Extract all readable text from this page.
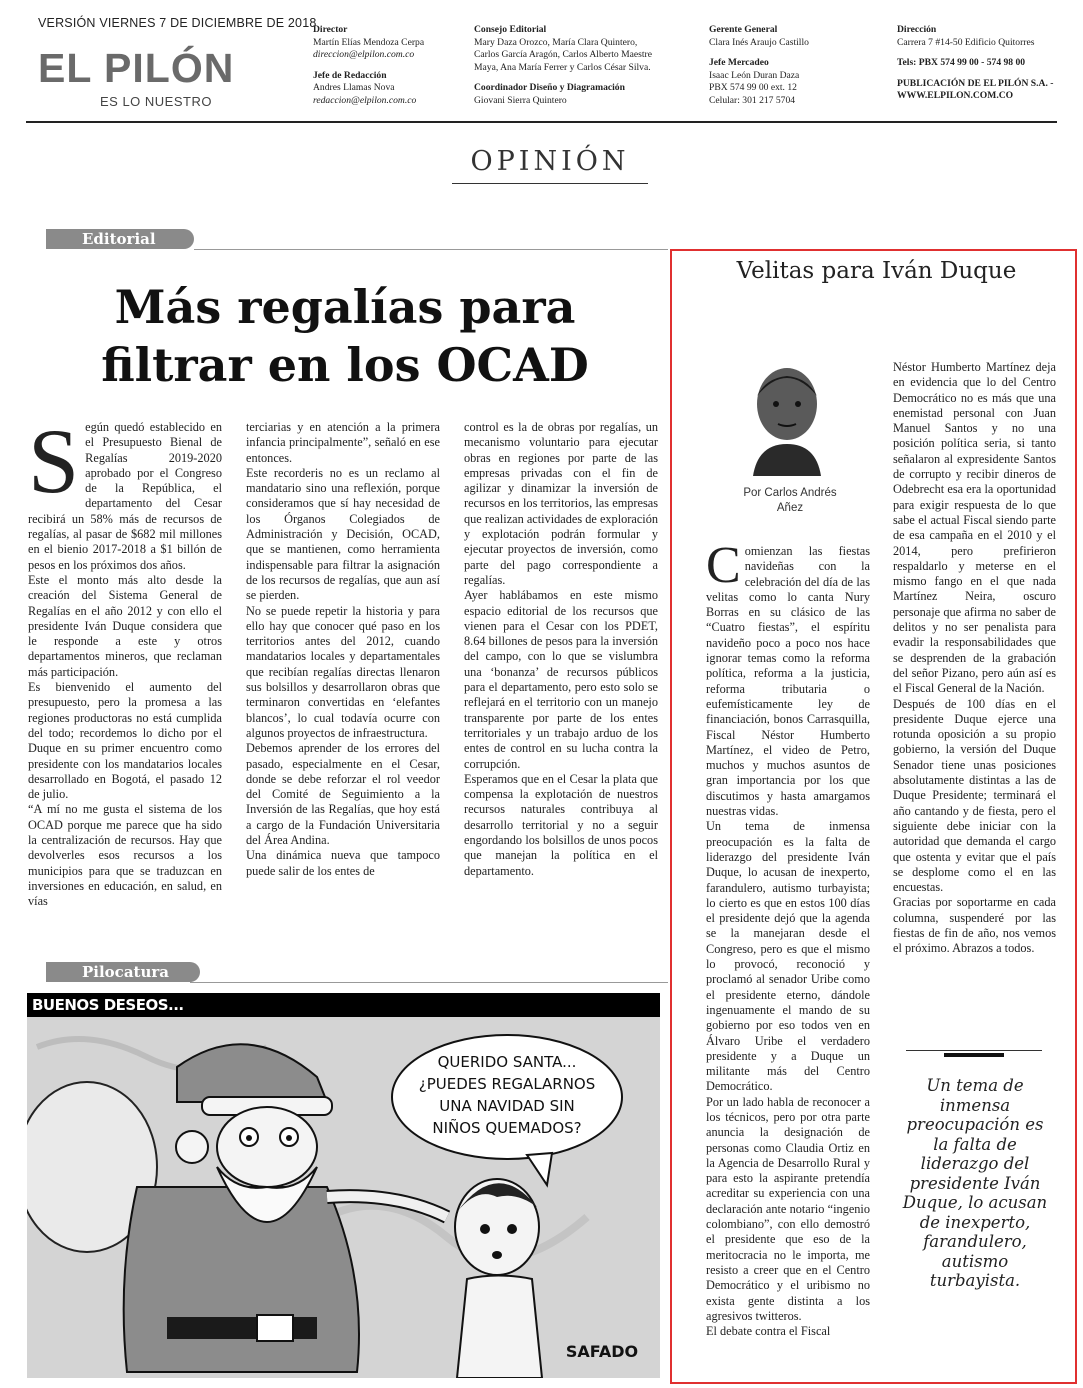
VERSIÓN VIERNES 7 DE DICIEMBRE DE 2018
EL PILÓN
ES LO NUESTRO
Director
Martín Elías Mendoza Cerpa
direccion@elpilon.com.co
Jefe de Redacción
Andres Llamas Nova
redaccion@elpilon.com.co
Consejo Editorial
Mary Daza Orozco, María Clara Quintero,
Carlos García Aragón, Carlos Alberto Maestre
Maya, Ana María Ferrer y Carlos César Silva.
Coordinador Diseño y Diagramación
Giovani Sierra Quintero
Gerente General
Clara Inés Araujo Castillo
Jefe Mercadeo
Isaac León Duran Daza
PBX 574 99 00 ext. 12
Celular: 301 217 5704
Dirección
Carrera 7 #14-50 Edificio Quitorres
Tels: PBX 574 99 00 - 574 98 00
PUBLICACIÓN DE EL PILÓN S.A. -
WWW.ELPILON.COM.CO
OPINIÓN
Editorial
Más regalías para
filtrar en los OCAD
S egún quedó establecido en el Presupuesto Bienal de Regalías 2019-2020 aprobado por el Congreso de la República, el departamento del Cesar recibirá un 58% más de recursos de regalías, al pasar de $682 mil millones en el bienio 2017-2018 a $1 billón de pesos en los próximos dos años.

Este el monto más alto desde la creación del Sistema General de Regalías en el año 2012 y con ello el presidente Iván Duque considera que le responde a este y otros departamentos mineros, que reclaman más participación.

Es bienvenido el aumento del presupuesto, pero la promesa a las regiones productoras no está cumplida del todo; recordemos lo dicho por el Duque en su primer encuentro como presidente con los mandatarios locales desarrollado en Bogotá, el pasado 12 de julio.

“A mí no me gusta el sistema de los OCAD porque me parece que ha sido la centralización de recursos. Hay que devolverles esos recursos a los municipios para que se traduzcan en inversiones en educación, en salud, en vías

terciarias y en atención a la primera infancia principalmente”, señaló en ese entonces.

Este recorderis no es un reclamo al mandatario sino una reflexión, porque consideramos que sí hay necesidad de los Órganos Colegiados de Administración y Decisión, OCAD, que se mantienen, como herramienta indispensable para filtrar la asignación de los recursos de regalías, que aun así se pierden.

No se puede repetir la historia y para ello hay que conocer qué paso en los territorios antes del 2012, cuando mandatarios locales y departamentales que recibían regalías directas llenaron sus bolsillos y desarrollaron obras que terminaron convertidas en ‘elefantes blancos’, lo cual todavía ocurre con algunos proyectos de infraestructura.

Debemos aprender de los errores del pasado, especialmente en el Cesar, donde se debe reforzar el rol veedor del Comité de Seguimiento a la Inversión de las Regalías, que hoy está a cargo de la Fundación Universitaria del Área Andina.

Una dinámica nueva que tampoco puede salir de los entes de

control es la de obras por regalías, un mecanismo voluntario para ejecutar obras en regiones por parte de las empresas privadas con el fin de agilizar y dinamizar la inversión de recursos en los territorios, las empresas que realizan actividades de exploración y explotación podrán formular y ejecutar proyectos de inversión, como parte del pago correspondiente a regalías.

Ayer hablábamos en este mismo espacio editorial de los recursos que vienen para el Cesar con los PDET, 8.64 billones de pesos para la inversión del campo, con lo que se vislumbra una ‘bonanza’ de recursos públicos para el departamento, pero esto solo se reflejará en el territorio con un manejo transparente por parte de los entes territoriales y un trabajo arduo de los entes de control en su lucha contra la corrupción.

Esperamos que en el Cesar la plata que compensa la explotación de nuestros recursos naturales contribuya al desarrollo territorial y no a seguir engordando los bolsillos de unos pocos que manejan la política en el departamento.

Pilocatura
BUENOS DESEOS...
QUERIDO SANTA...
¿PUEDES REGALARNOS
UNA NAVIDAD SIN
NIÑOS QUEMADOS?
SAFADO
Velitas para Iván Duque
Por Carlos Andrés Añez
C omienzan las fiestas navideñas con la celebración del día de las velitas como lo canta Nury Borras en su clásico de las “Cuatro fiestas”, el espíritu navideño poco a poco nos hace ignorar temas como la reforma política, reforma a la justicia, reforma tributaria o eufemísticamente ley de financiación, bonos Carrasquilla, Fiscal Néstor Humberto Martínez, el video de Petro, muchos y muchos asuntos de gran importancia por los que discutimos y hasta amargamos nuestras vidas.

Un tema de inmensa preocupación es la falta de liderazgo del presidente Iván Duque, lo acusan de inexperto, farandulero, autismo turbayista; lo cierto es que en estos 100 días el presidente dejó que la agenda se la manejaran desde el Congreso, pero es que el mismo lo provocó, reconoció y proclamó al senador Uribe como el presidente eterno, dándole ingenuamente el mando de su gobierno por eso todos ven en Álvaro Uribe el verdadero presidente y a Duque un militante más del Centro Democrático.

Por un lado habla de reconocer a los técnicos, pero por otra parte anuncia la designación de personas como Claudia Ortiz en la Agencia de Desarrollo Rural y para esto la aspirante pretendía acreditar su experiencia con una declaración ante notario “ingenio colombiano”, con ello demostró el presidente que eso de la meritocracia no le importa, me resisto a creer que en el Centro Democrático y el uribismo no exista gente distinta a los agresivos twitteros.

El debate contra el Fiscal

Néstor Humberto Martínez deja en evidencia que lo del Centro Democrático no es más que una enemistad personal con Juan Manuel Santos y no una posición política seria, si tanto señalaron al expresidente Santos de corrupto y recibir dineros de Odebrecht esa era la oportunidad para exigir respuesta de lo que sabe el actual Fiscal siendo parte de esa campaña en el 2010 y el 2014, pero prefirieron respaldarlo y meterse en el mismo fango en el que nada Martínez Neira, oscuro personaje que afirma no saber de delitos y no ser penalista para evadir la responsabilidades que se desprenden de la grabación del señor Pizano, pero aún así es el Fiscal General de la Nación.

Después de 100 días en el presidente Duque ejerce una rotunda oposición a su propio gobierno, la versión del Duque Senador tiene unas posiciones absolutamente distintas a las de Duque Presidente; terminará el año cantando y de fiesta, pero el siguiente debe iniciar con la autoridad que demanda el cargo que ostenta y evitar que el país se desplome como el en las encuestas.

Gracias por soportarme en cada columna, suspenderé por las fiestas de fin de año, nos vemos el próximo. Abrazos a todos.

Un tema de inmensa preocupación es la falta de liderazgo del presidente Iván Duque, lo acusan de inexperto, farandulero, autismo turbayista.
